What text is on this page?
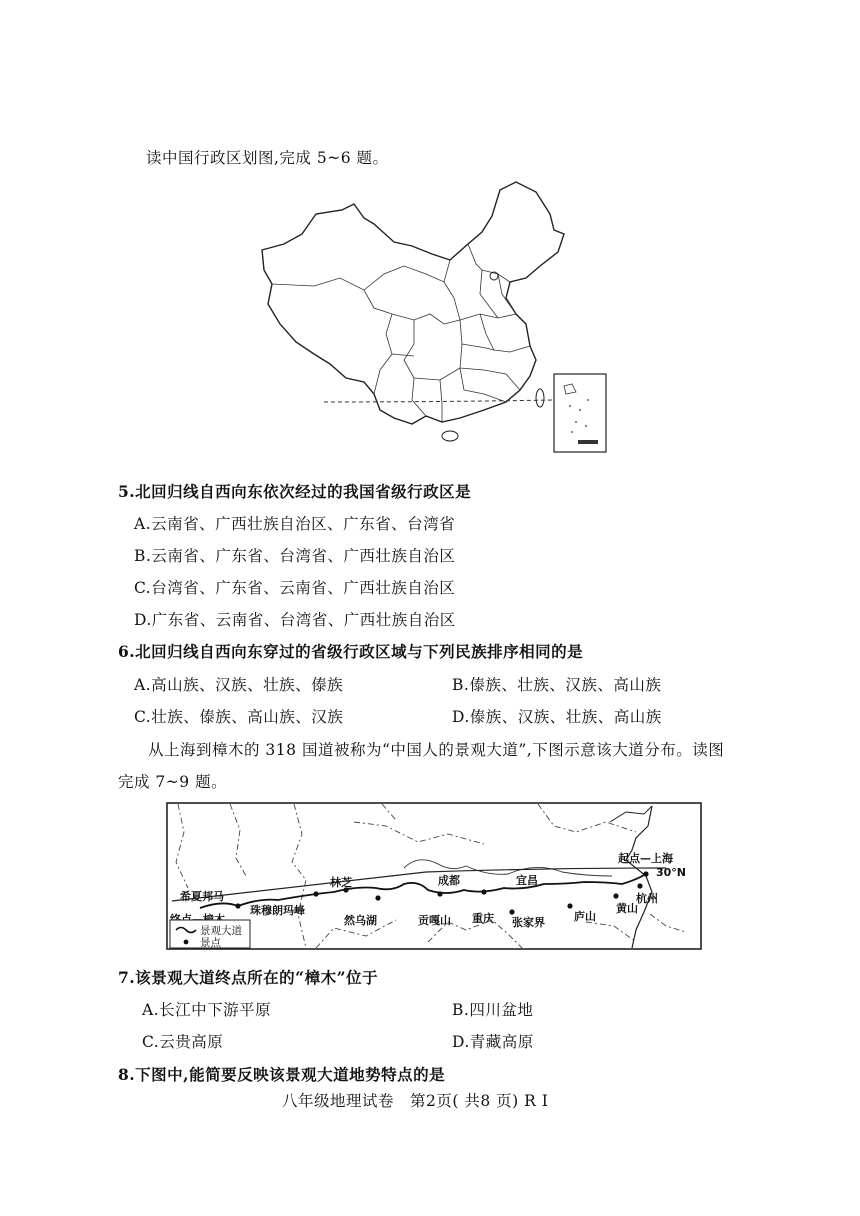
读中国行政区划图,完成 5~6 题。
5.北回归线自西向东依次经过的我国省级行政区是
A.云南省、广西壮族自治区、广东省、台湾省
B.云南省、广东省、台湾省、广西壮族自治区
C.台湾省、广东省、云南省、广西壮族自治区
D.广东省、云南省、台湾省、广西壮族自治区
6.北回归线自西向东穿过的省级行政区域与下列民族排序相同的是
A.高山族、汉族、壮族、傣族	B.傣族、壮族、汉族、高山族
C.壮族、傣族、高山族、汉族	D.傣族、汉族、壮族、高山族
从上海到樟木的 318 国道被称为“中国人的景观大道”,下图示意该大道分布。读图
完成 7~9 题。
希夏邦马
珠穆朗玛峰
林芝
然乌湖
成都
贡嘎山 重庆
宜昌
张家界	庐山
黄山
杭州
起点—上海
30°N
景观大道
景点
7.该景观大道终点所在的“樟木”位于
A.长江中下游平原	B.四川盆地
C.云贵高原	D.青藏高原
8.下图中,能简要反映该景观大道地势特点的是
八年级地理试卷　第2页( 共8 页) R I
